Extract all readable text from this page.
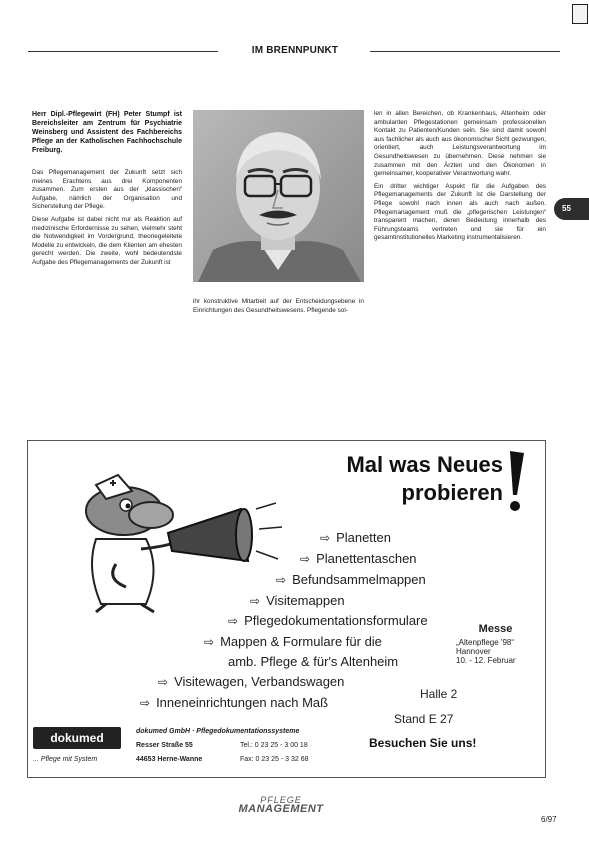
IM BRENNPUNKT

Herr Dipl.-Pflegewirt (FH) Peter Stumpf ist Bereichsleiter am Zentrum für Psychiatrie Weinsberg und Assistent des Fachbereichs Pflege an der Katholischen Fachhochschule Freiburg.

Das Pflegemanagement der Zukunft setzt sich meines Erachtens aus drei Komponenten zusammen. Zum ersten aus der „klassischen“ Aufgabe, nämlich der Organisation und Sicherstellung der Pflege.

Diese Aufgabe ist dabei nicht nur als Reaktion auf medizinische Erfordernisse zu sehen, vielmehr steht die Notwendigkeit im Vordergrund, theoriegeleitete Modelle zu entwickeln, die dem Klienten am ehesten gerecht werden. Die zweite, wohl bedeutendste Aufgabe des Pflegemanagements der Zukunft ist

ihr konstruktive Mitarbeit auf der Entscheidungsebene in Einrichtungen des Gesundheitswesens. Pflegende sol-

len in allen Bereichen, ob Krankenhaus, Altenheim oder ambulanten Pflegestationen gemeinsam professionellen Kontakt zu Patienten/Kunden sein. Sie sind damit sowohl aus fachlicher als auch aus ökonomischer Sicht gezwungen, orientiert, auch Leistungsverantwortung im Gesundheitswesen zu übernehmen. Diese nehmen sie zusammen mit den Ärzten und den Ökonomen in gemeinsamer, kooperativer Verantwortung wahr.

Ein dritter wichtiger Aspekt für die Aufgaben des Pflegemanagements der Zukunft ist die Darstellung der Pflege sowohl nach innen als auch nach außen. Pflegemanagement muß die „pflegerischen Leistungen“ transparent machen, deren Bedeutung innerhalb des Führungsteams vertreten und sie für ein gesamtinstitutionelles Marketing instrumentalisieren.

55
Mal was Neues
probieren
⇨ Planetten
⇨ Planettentaschen
⇨ Befundsammelmappen
⇨ Visitemappen
⇨ Pflegedokumentationsformulare
⇨ Mappen & Formulare für die
amb. Pflege & für's Altenheim
⇨ Visitewagen, Verbandswagen
⇨ Inneneinrichtungen nach Maß
Messe
„Altenpflege '98“
Hannover
10. - 12. Februar
Halle 2
Stand E 27
Besuchen Sie uns!
dokumed GmbH · Pflegedokumentationssysteme
Resser Straße 55	Tel.: 0 23 25 - 3 00 18
44653 Herne-Wanne	Fax: 0 23 25 - 3 32 68
dokumed
... Pflege mit System
PFLEGE
MANAGEMENT
6/97
